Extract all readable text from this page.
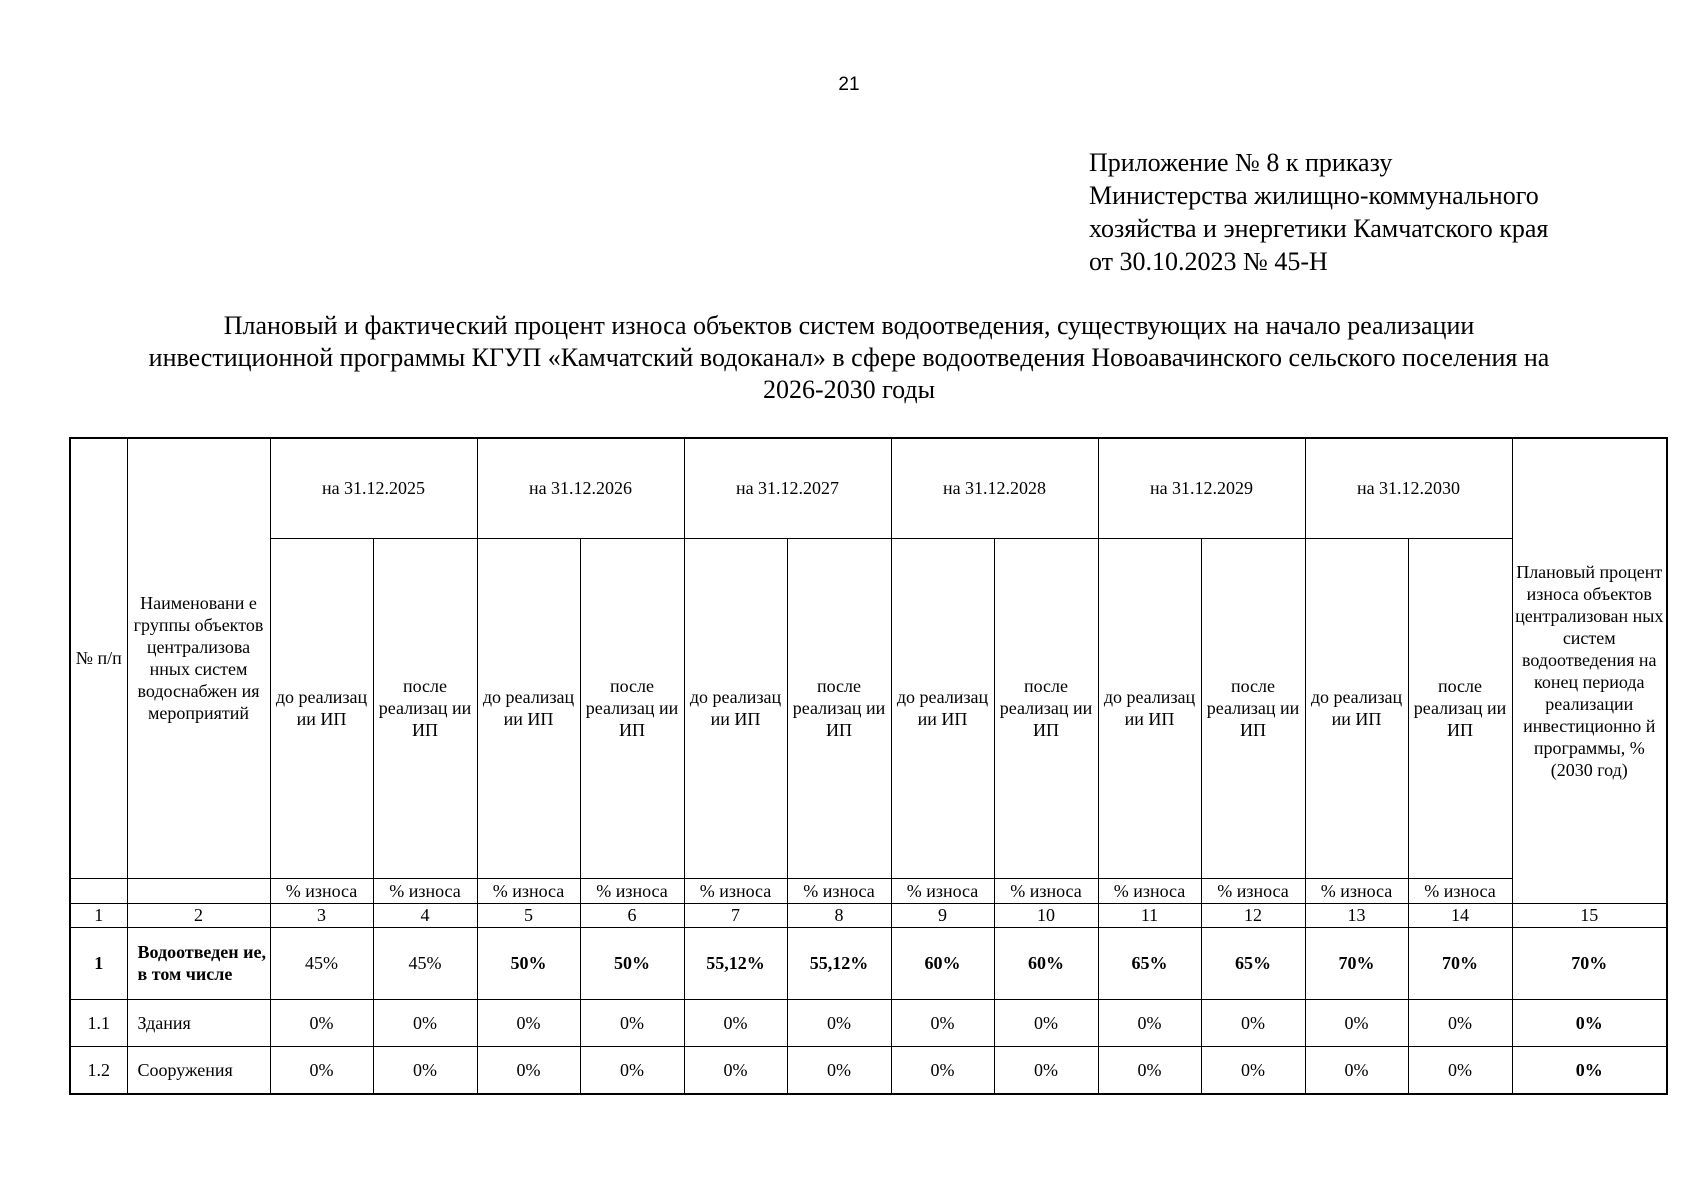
21
Приложение № 8 к приказу
Министерства жилищно-коммунального
хозяйства и энергетики Камчатского края
от 30.10.2023 № 45-Н
Плановый и фактический процент износа объектов систем водоотведения, существующих на начало реализации
инвестиционной программы КГУП «Камчатский водоканал» в сфере водоотведения Новоавачинского сельского поселения на
2026-2030 годы
№ п/п	Наименовани е группы объектов централизова нных систем водоснабжен ия мероприятий	на 31.12.2025		на 31.12.2026		на 31.12.2027		на 31.12.2028		на 31.12.2029		на 31.12.2030		Плановый процент износа объектов централизован ных систем водоотведения на конец периода реализации инвестиционно й программы, % (2030 год)
		до реализац ии ИП	после реализац ии ИП	до реализац ии ИП	после реализац ии ИП	до реализац ии ИП	после реализац ии ИП	до реализац ии ИП	после реализац ии ИП	до реализац ии ИП	после реализац ии ИП	до реализац ии ИП	после реализац ии ИП	
		% износа	% износа	% износа	% износа	% износа	% износа	% износа	% износа	% износа	% износа	% износа	% износа	
1	2	3	4	5	6	7	8	9	10	11	12	13	14	15
1	Водоотведен ие, в том числе	45%	45%	50%	50%	55,12%	55,12%	60%	60%	65%	65%	70%	70%	70%
1.1	Здания	0%	0%	0%	0%	0%	0%	0%	0%	0%	0%	0%	0%	0%
1.2	Сооружения	0%	0%	0%	0%	0%	0%	0%	0%	0%	0%	0%	0%	0%
